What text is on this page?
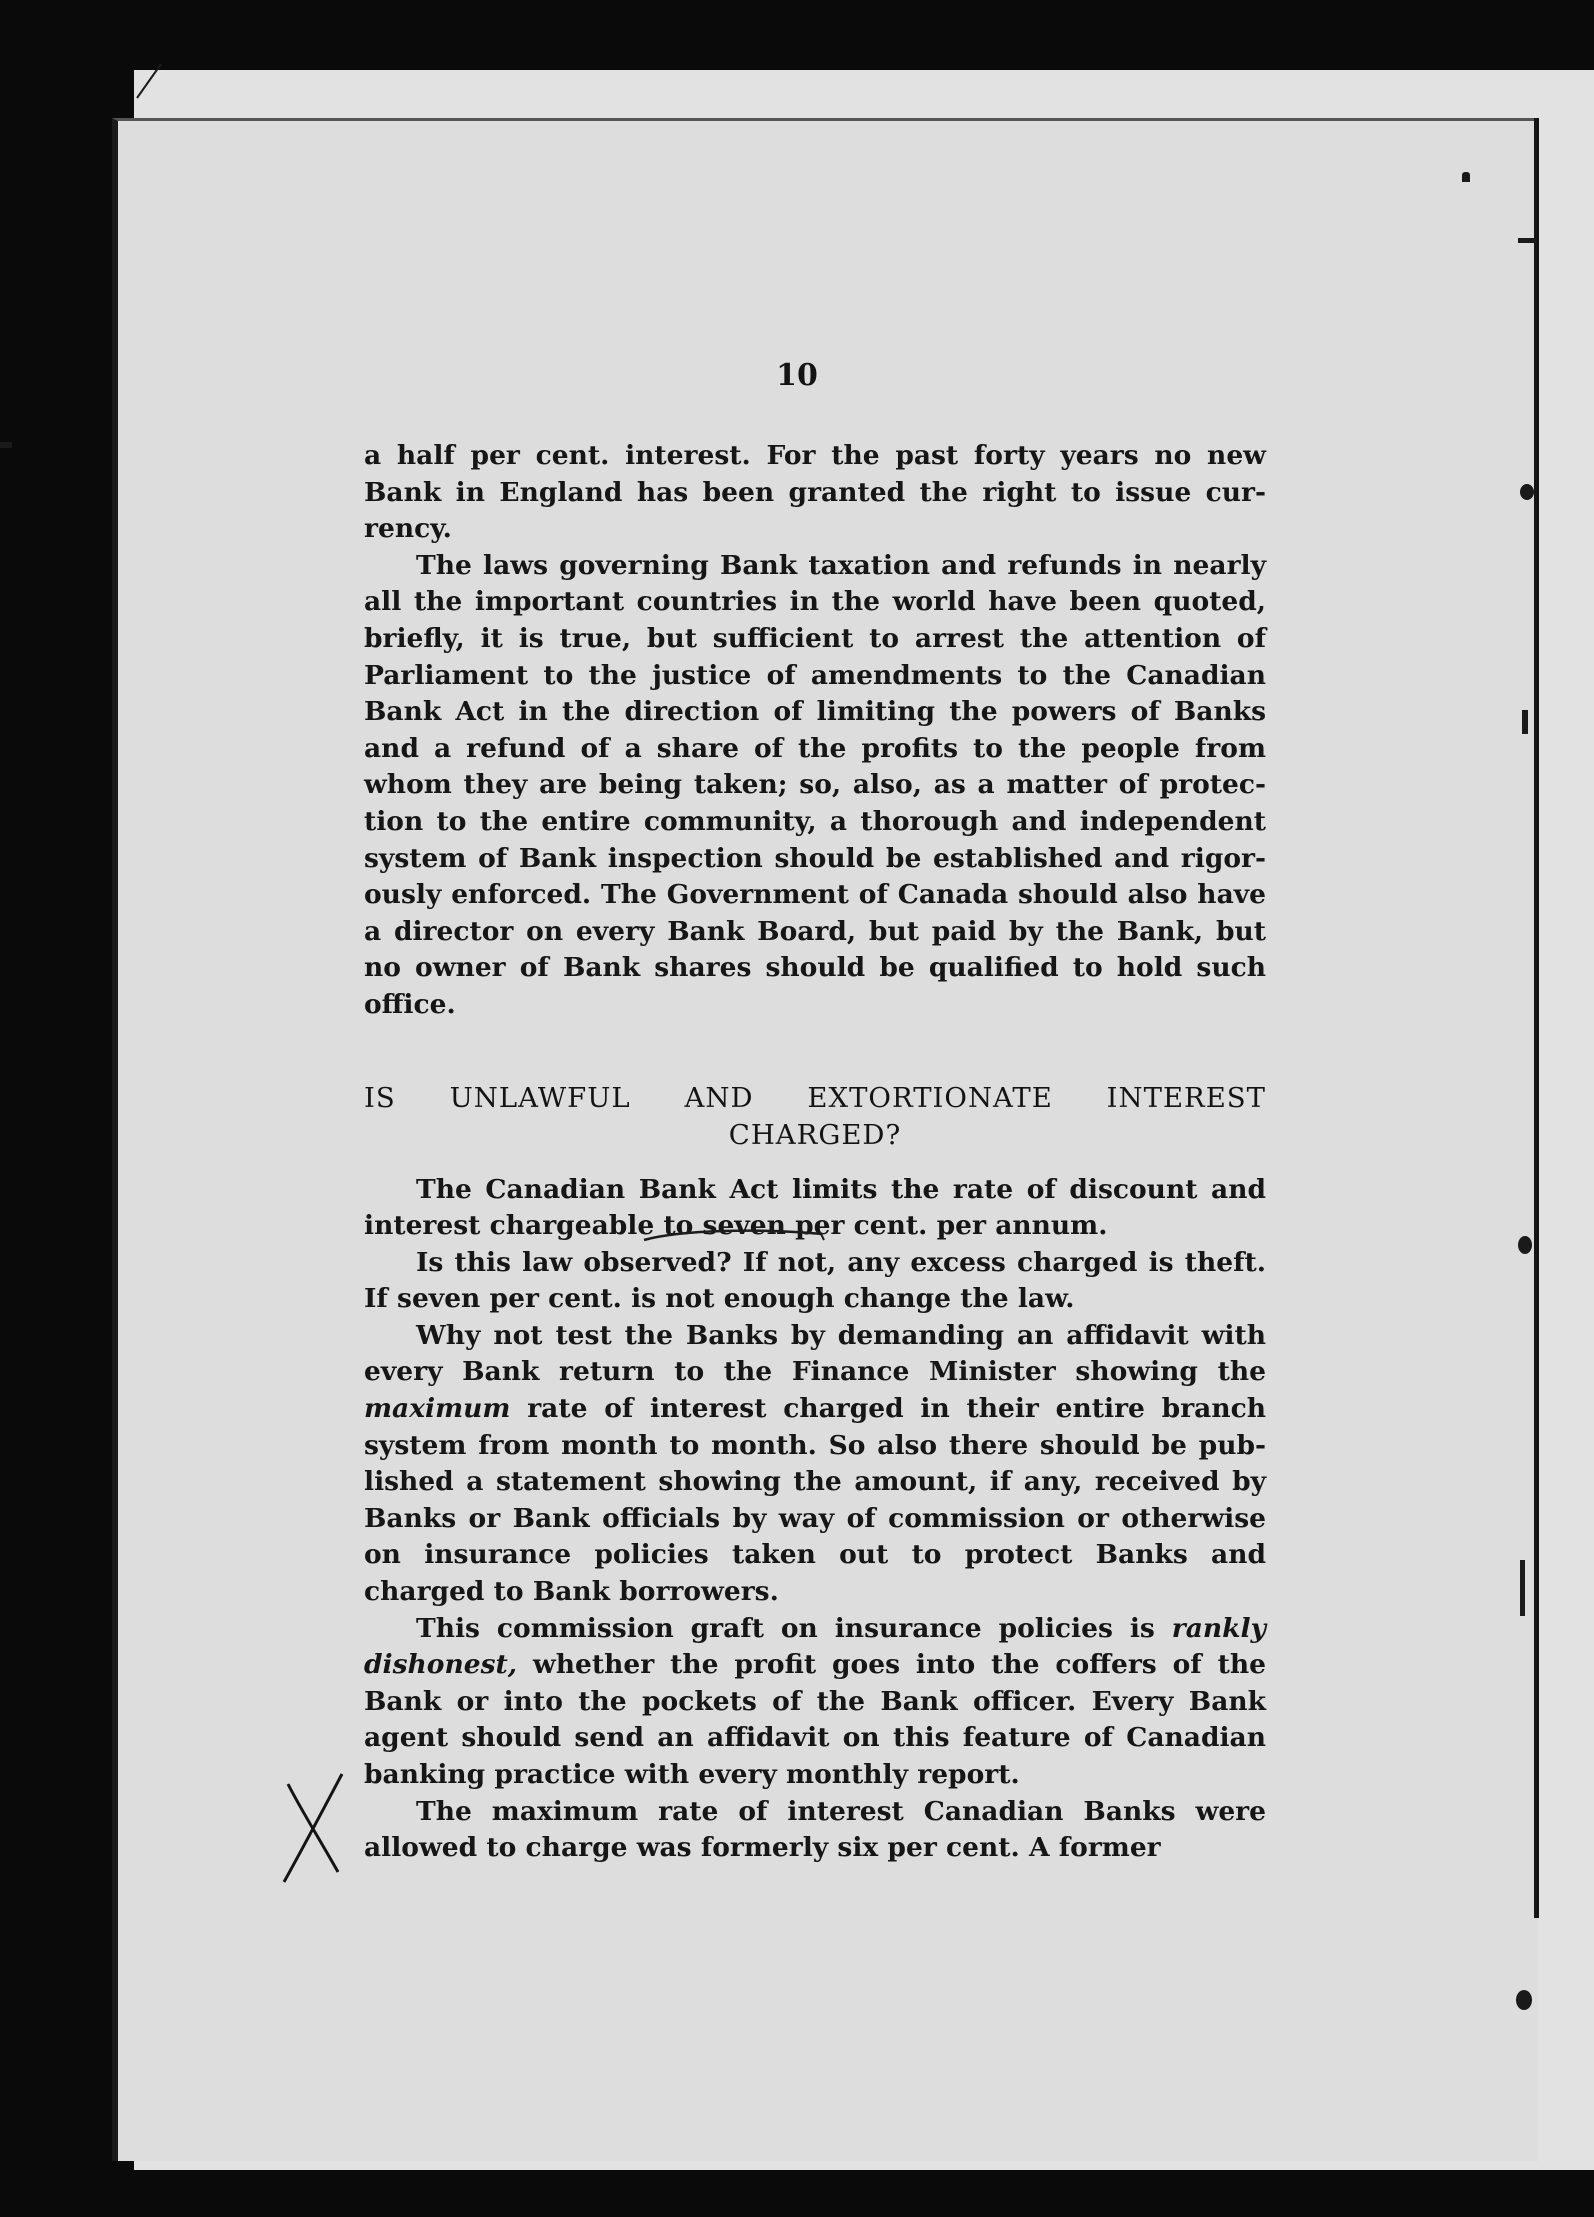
10

a half per cent. interest. For the past forty years no new Bank in England has been granted the right to issue currency.

The laws governing Bank taxation and refunds in nearly all the important countries in the world have been quoted, briefly, it is true, but sufficient to arrest the attention of Parliament to the justice of amendments to the Canadian Bank Act in the direction of limiting the powers of Banks and a refund of a share of the profits to the people from whom they are being taken; so, also, as a matter of protection to the entire community, a thorough and independent system of Bank inspection should be established and rigorously enforced. The Government of Canada should also have a director on every Bank Board, but paid by the Bank, but no owner of Bank shares should be qualified to hold such office.

IS UNLAWFUL AND EXTORTIONATE INTEREST
CHARGED?

The Canadian Bank Act limits the rate of discount and interest chargeable to seven per cent. per annum.

Is this law observed? If not, any excess charged is theft. If seven per cent. is not enough change the law.

Why not test the Banks by demanding an affidavit with every Bank return to the Finance Minister showing the maximum rate of interest charged in their entire branch system from month to month. So also there should be published a statement showing the amount, if any, received by Banks or Bank officials by way of commission or otherwise on insurance policies taken out to protect Banks and charged to Bank borrowers.

This commission graft on insurance policies is rankly dishonest, whether the profit goes into the coffers of the Bank or into the pockets of the Bank officer. Every Bank agent should send an affidavit on this feature of Canadian banking practice with every monthly report.

The maximum rate of interest Canadian Banks were allowed to charge was formerly six per cent. A former
